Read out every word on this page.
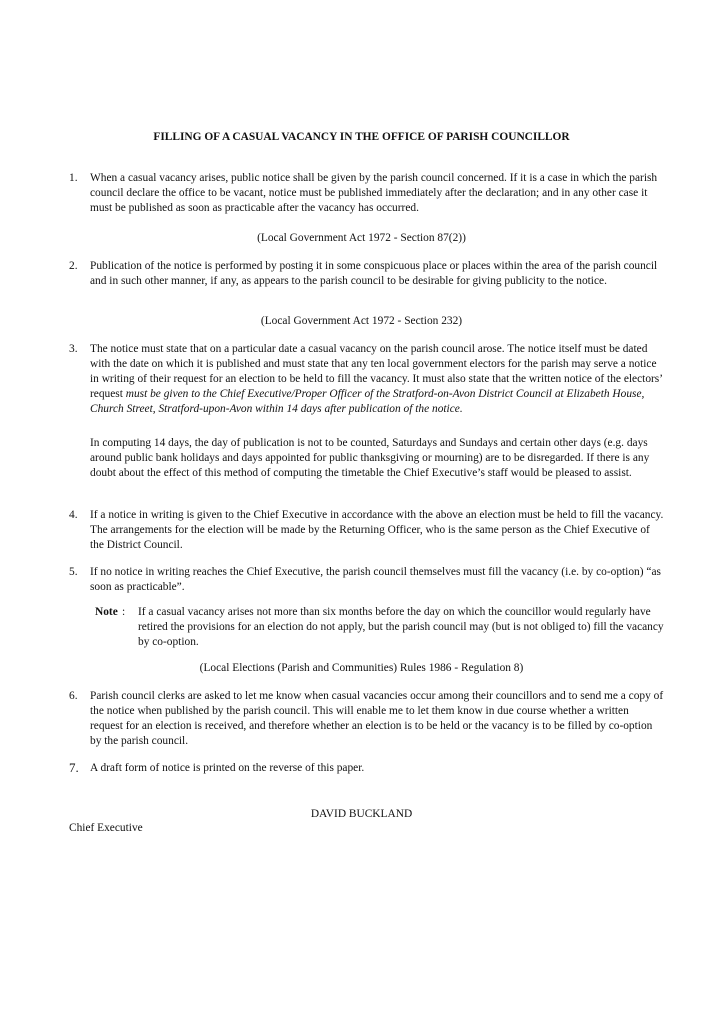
FILLING OF A CASUAL VACANCY IN THE OFFICE OF PARISH COUNCILLOR
1. When a casual vacancy arises, public notice shall be given by the parish council concerned. If it is a case in which the parish council declare the office to be vacant, notice must be published immediately after the declaration; and in any other case it must be published as soon as practicable after the vacancy has occurred.
(Local Government Act 1972 - Section 87(2))
2. Publication of the notice is performed by posting it in some conspicuous place or places within the area of the parish council and in such other manner, if any, as appears to the parish council to be desirable for giving publicity to the notice.
(Local Government Act 1972 - Section 232)
3. The notice must state that on a particular date a casual vacancy on the parish council arose. The notice itself must be dated with the date on which it is published and must state that any ten local government electors for the parish may serve a notice in writing of their request for an election to be held to fill the vacancy. It must also state that the written notice of the electors’ request must be given to the Chief Executive/Proper Officer of the Stratford-on-Avon District Council at Elizabeth House, Church Street, Stratford-upon-Avon within 14 days after publication of the notice.
In computing 14 days, the day of publication is not to be counted, Saturdays and Sundays and certain other days (e.g. days around public bank holidays and days appointed for public thanksgiving or mourning) are to be disregarded. If there is any doubt about the effect of this method of computing the timetable the Chief Executive’s staff would be pleased to assist.
4. If a notice in writing is given to the Chief Executive in accordance with the above an election must be held to fill the vacancy. The arrangements for the election will be made by the Returning Officer, who is the same person as the Chief Executive of the District Council.
5. If no notice in writing reaches the Chief Executive, the parish council themselves must fill the vacancy (i.e. by co-option) “as soon as practicable”.
Note : If a casual vacancy arises not more than six months before the day on which the councillor would regularly have retired the provisions for an election do not apply, but the parish council may (but is not obliged to) fill the vacancy by co-option.
(Local Elections (Parish and Communities) Rules 1986 - Regulation 8)
6. Parish council clerks are asked to let me know when casual vacancies occur among their councillors and to send me a copy of the notice when published by the parish council. This will enable me to let them know in due course whether a written request for an election is received, and therefore whether an election is to be held or the vacancy is to be filled by co-option by the parish council.
7. A draft form of notice is printed on the reverse of this paper.
DAVID BUCKLAND
Chief Executive
